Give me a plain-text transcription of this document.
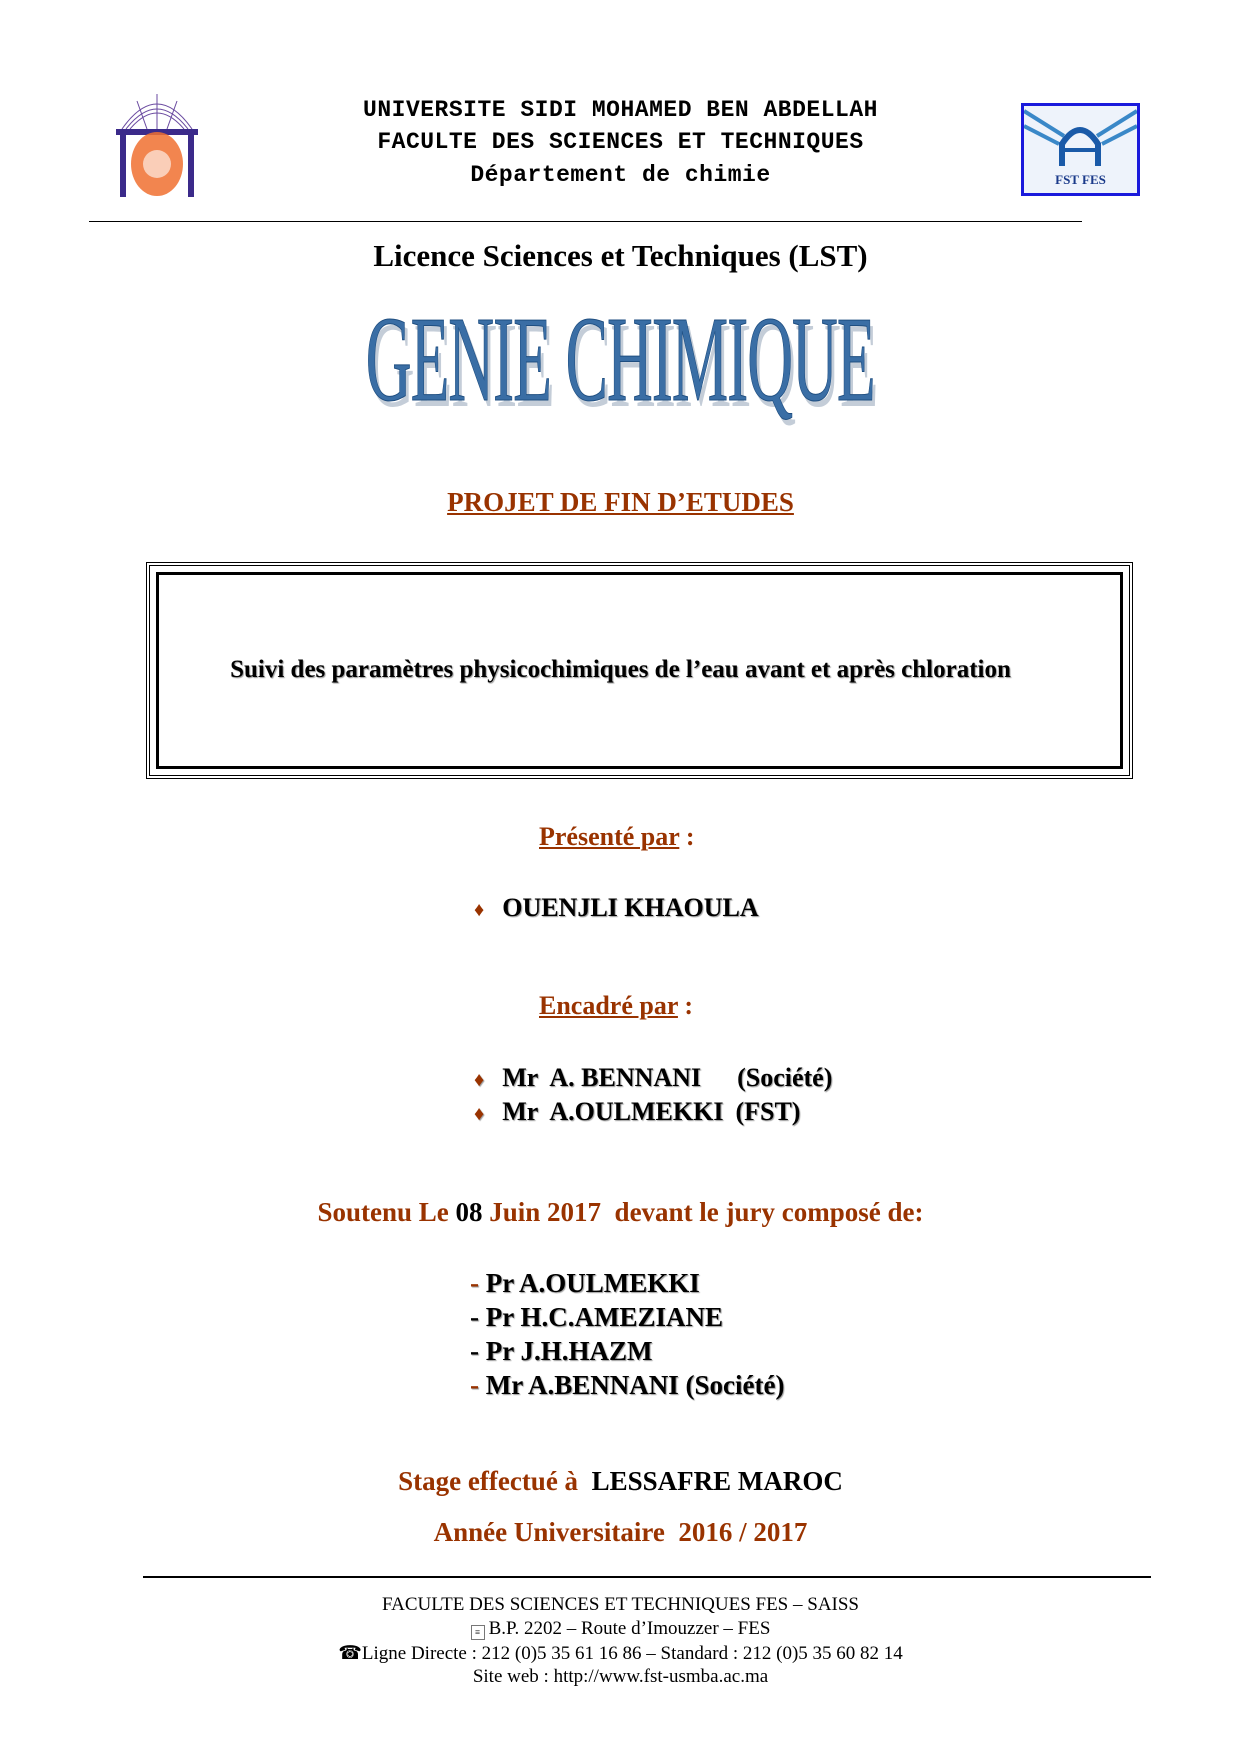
UNIVERSITE SIDI MOHAMED BEN ABDELLAH
FACULTE DES SCIENCES ET TECHNIQUES
Département de chimie	FST FES
Licence Sciences et Techniques (LST)
GENIE CHIMIQUE
PROJET DE FIN D’ETUDES
Suivi des paramètres physicochimiques de l’eau avant et après chloration
Présenté par :
♦ OUENJLI KHAOULA
Encadré par :
♦ Mr  A. BENNANI (Société)
♦ Mr  A.OULMEKKI (FST)
Soutenu Le 08 Juin 2017  devant le jury composé de:
- Pr A.OULMEKKI
- Pr H.C.AMEZIANE
- Pr J.H.HAZM
- Mr A.BENNANI (Société)
Stage effectué à  LESSAFRE MAROC
Année Universitaire  2016 / 2017
FACULTE DES SCIENCES ET TECHNIQUES FES – SAISS
≡ B.P. 2202 – Route d’Imouzzer – FES
☎Ligne Directe : 212 (0)5 35 61 16 86 – Standard : 212 (0)5 35 60 82 14
Site web : http://www.fst-usmba.ac.ma
